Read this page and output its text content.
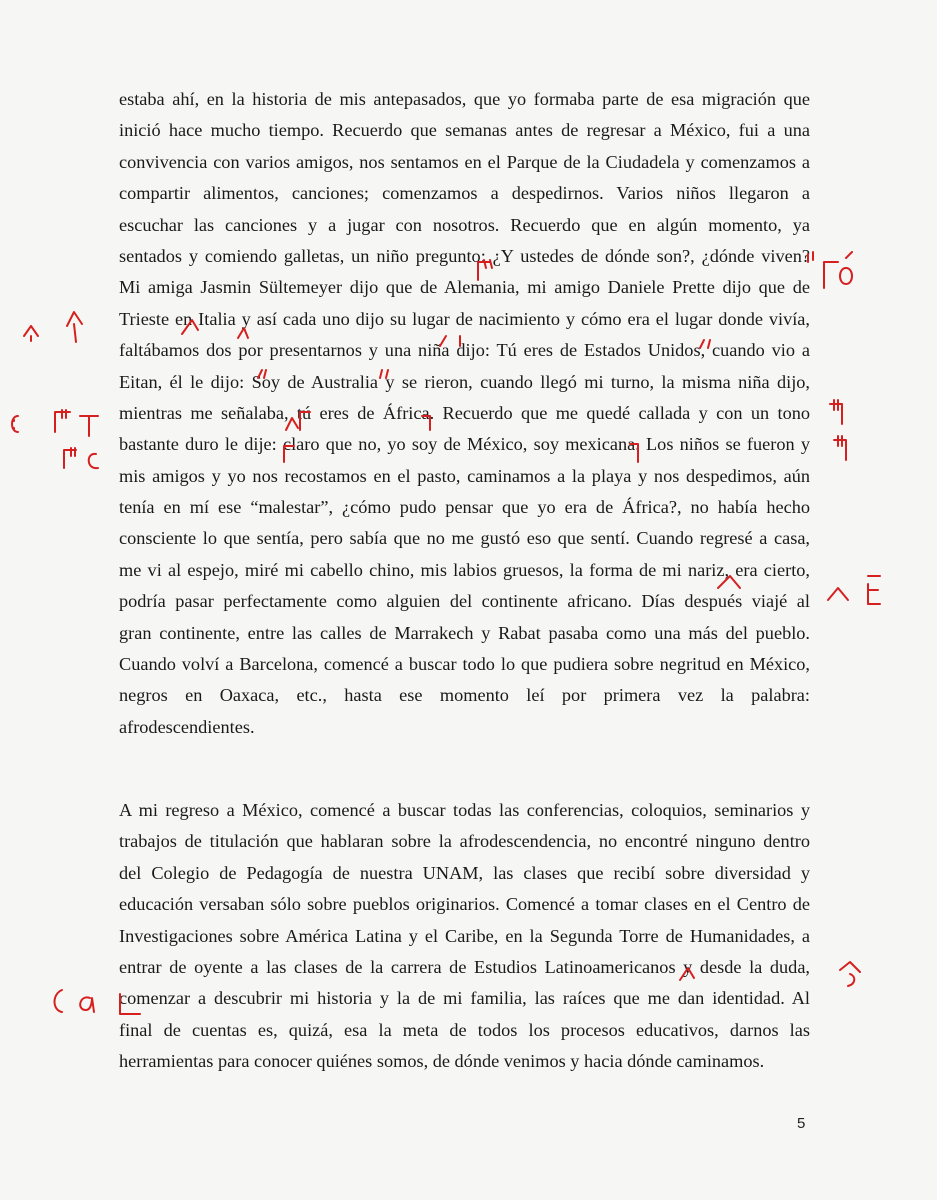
estaba ahí, en la historia de mis antepasados, que yo formaba parte de esa migración que
inició hace mucho tiempo. Recuerdo que semanas antes de regresar a México, fui a una
convivencia con varios amigos, nos sentamos en el Parque de la Ciudadela y comenzamos a
compartir alimentos, canciones; comenzamos a despedirnos. Varios niños llegaron a
escuchar las canciones y a jugar con nosotros. Recuerdo que en algún momento, ya
sentados y comiendo galletas, un niño pregunto: ¿Y ustedes de dónde son?, ¿dónde viven?
Mi amiga Jasmin Sültemeyer dijo que de Alemania, mi amigo Daniele Prette dijo que de
Trieste en Italia y así cada uno dijo su lugar de nacimiento y cómo era el lugar donde vivía,
faltábamos dos por presentarnos y una niña dijo: Tú eres de Estados Unidos, cuando vio a
Eitan, él le dijo: Soy de Australia y se rieron, cuando llegó mi turno, la misma niña dijo,
mientras me señalaba, tú eres de África. Recuerdo que me quedé callada y con un tono
bastante duro le dije: claro que no, yo soy de México, soy mexicana. Los niños se fueron y
mis amigos y yo nos recostamos en el pasto, caminamos a la playa y nos despedimos, aún
tenía en mí ese “malestar”, ¿cómo pudo pensar que yo era de África?, no había hecho
consciente lo que sentía, pero sabía que no me gustó eso que sentí. Cuando regresé a casa,
me vi al espejo, miré mi cabello chino, mis labios gruesos, la forma de mi nariz, era cierto,
podría pasar perfectamente como alguien del continente africano. Días después viajé al
gran continente, entre las calles de Marrakech y Rabat pasaba como una más del pueblo.
Cuando volví a Barcelona, comencé a buscar todo lo que pudiera sobre negritud en México,
negros en Oaxaca, etc., hasta ese momento leí por primera vez la palabra:
afrodescendientes.
A mi regreso a México, comencé a buscar todas las conferencias, coloquios, seminarios y
trabajos de titulación que hablaran sobre la afrodescendencia, no encontré ninguno dentro
del Colegio de Pedagogía de nuestra UNAM, las clases que recibí sobre diversidad y
educación versaban sólo sobre pueblos originarios. Comencé a tomar clases en el Centro de
Investigaciones sobre América Latina y el Caribe, en la Segunda Torre de Humanidades, a
entrar de oyente a las clases de la carrera de Estudios Latinoamericanos y desde la duda,
comenzar a descubrir mi historia y la de mi familia, las raíces que me dan identidad. Al
final de cuentas es, quizá, esa la meta de todos los procesos educativos, darnos las
herramientas para conocer quiénes somos, de dónde venimos y hacia dónde caminamos.
5
